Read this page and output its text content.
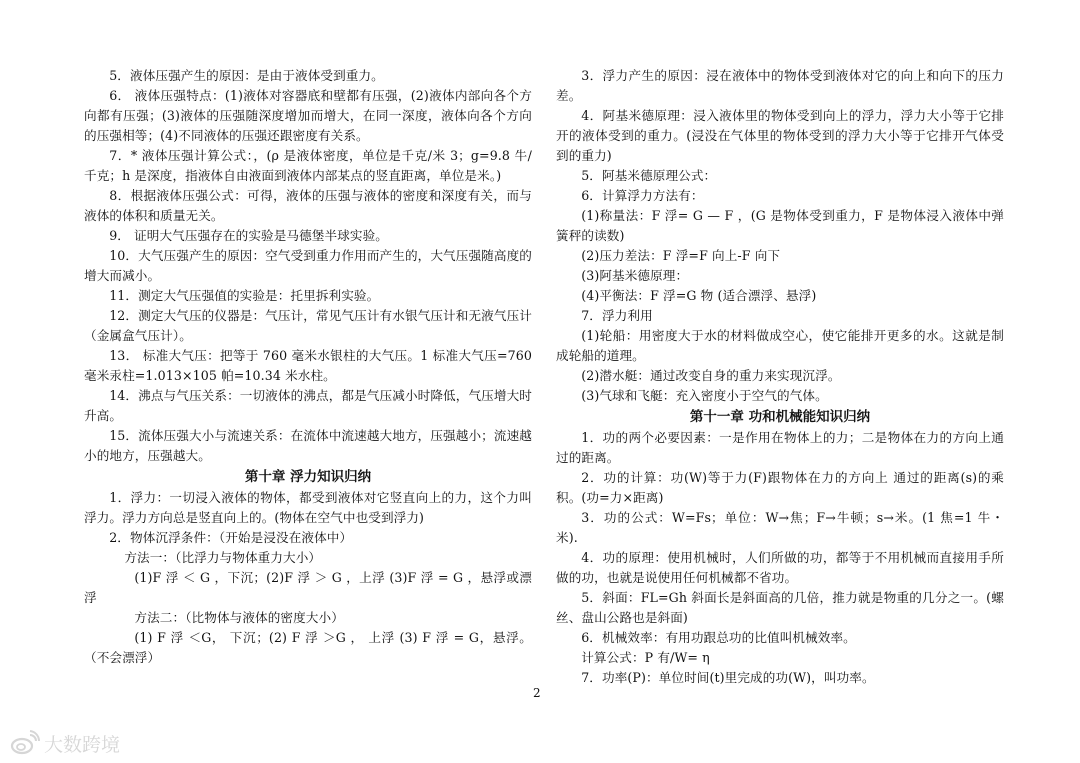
5．液体压强产生的原因：是由于液体受到重力。

6． 液体压强特点：(1)液体对容器底和壁都有压强，(2)液体内部向各个方向都有压强；(3)液体的压强随深度增加而增大，在同一深度，液体向各个方向的压强相等；(4)不同液体的压强还跟密度有关系。

7．* 液体压强计算公式：，(ρ 是液体密度，单位是千克/米 3；g=9.8 牛/千克；h 是深度，指液体自由液面到液体内部某点的竖直距离，单位是米。)

8．根据液体压强公式：可得，液体的压强与液体的密度和深度有关，而与液体的体积和质量无关。

9． 证明大气压强存在的实验是马德堡半球实验。

10．大气压强产生的原因：空气受到重力作用而产生的，大气压强随高度的增大而减小。

11．测定大气压强值的实验是：托里拆利实验。

12．测定大气压的仪器是：气压计，常见气压计有水银气压计和无液气压计（金属盒气压计）。

13． 标准大气压：把等于 760 毫米水银柱的大气压。1 标准大气压=760 毫米汞柱=1.013×105 帕=10.34 米水柱。

14．沸点与气压关系：一切液体的沸点，都是气压减小时降低，气压增大时升高。

15．流体压强大小与流速关系：在流体中流速越大地方，压强越小；流速越小的地方，压强越大。

第十章 浮力知识归纳

1．浮力：一切浸入液体的物体，都受到液体对它竖直向上的力，这个力叫浮力。浮力方向总是竖直向上的。(物体在空气中也受到浮力)

2．物体沉浮条件：（开始是浸没在液体中）

方法一：（比浮力与物体重力大小）

(1)F 浮 ＜ G ，下沉；(2)F 浮 ＞ G ，上浮 (3)F 浮 = G ，悬浮或漂浮

方法二：（比物体与液体的密度大小）

(1) F 浮 ＜G， 下沉；(2) F 浮 ＞G ， 上浮 (3) F 浮 = G，悬浮。（不会漂浮）

3．浮力产生的原因：浸在液体中的物体受到液体对它的向上和向下的压力差。

4．阿基米德原理：浸入液体里的物体受到向上的浮力，浮力大小等于它排开的液体受到的重力。(浸没在气体里的物体受到的浮力大小等于它排开气体受到的重力)

5．阿基米德原理公式：

6．计算浮力方法有：

(1)称量法：F 浮= G — F ，(G 是物体受到重力，F 是物体浸入液体中弹簧秤的读数)

(2)压力差法：F 浮=F 向上-F 向下

(3)阿基米德原理：

(4)平衡法：F 浮=G 物 (适合漂浮、悬浮)

7．浮力利用

(1)轮船：用密度大于水的材料做成空心，使它能排开更多的水。这就是制成轮船的道理。

(2)潜水艇：通过改变自身的重力来实现沉浮。

(3)气球和飞艇：充入密度小于空气的气体。

第十一章 功和机械能知识归纳

1．功的两个必要因素：一是作用在物体上的力；二是物体在力的方向上通过的距离。

2．功的计算：功(W)等于力(F)跟物体在力的方向上 通过的距离(s)的乘积。(功=力×距离)

3．功的公式：W=Fs；单位：W→焦；F→牛顿；s→米。(1 焦=1 牛・米).

4．功的原理：使用机械时，人们所做的功，都等于不用机械而直接用手所做的功，也就是说使用任何机械都不省功。

5．斜面：FL=Gh 斜面长是斜面高的几倍，推力就是物重的几分之一。(螺丝、盘山公路也是斜面)

6．机械效率：有用功跟总功的比值叫机械效率。

计算公式：P 有/W= η

7．功率(P)：单位时间(t)里完成的功(W)，叫功率。

2
大数跨境
